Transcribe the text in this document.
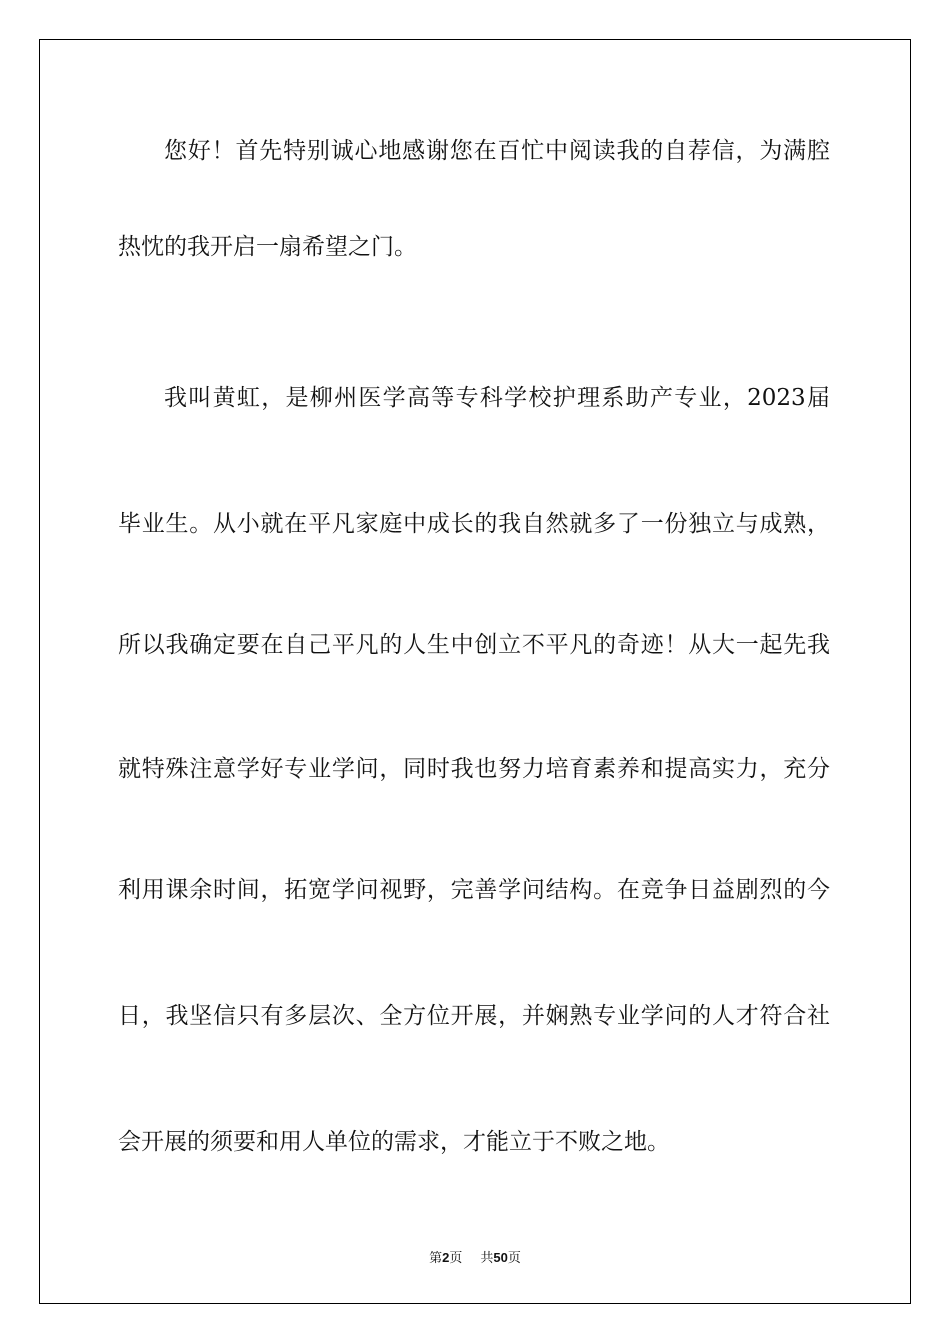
您好！首先特别诚心地感谢您在百忙中阅读我的自荐信，为满腔
热忱的我开启一扇希望之门。
我叫黄虹，是柳州医学高等专科学校护理系助产专业，2023届
毕业生。从小就在平凡家庭中成长的我自然就多了一份独立与成熟，
所以我确定要在自己平凡的人生中创立不平凡的奇迹！从大一起先我
就特殊注意学好专业学问，同时我也努力培育素养和提高实力，充分
利用课余时间，拓宽学问视野，完善学问结构。在竞争日益剧烈的今
日，我坚信只有多层次、全方位开展，并娴熟专业学问的人才符合社
会开展的须要和用人单位的需求，才能立于不败之地。
第2页 共50页
